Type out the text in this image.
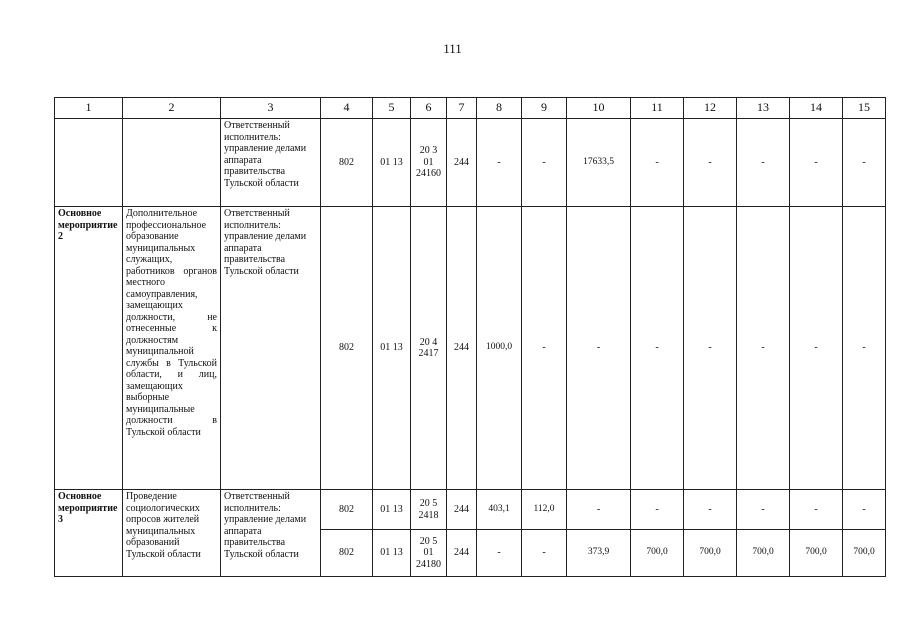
111
1	2	3	4	5	6	7	8	9	10	11	12	13	14	15
		Ответственный исполнитель: управление делами аппарата правительства Тульской области	802	01 13	20 3 01 24160	244	-	-	17633,5	-	-	-	-	-
Основное мероприятие 2	Дополнительное профессиональное образование муниципальных служащих, работников органов местного самоуправления, замещающих должности, не отнесенные к должностям муниципальной службы в Тульской области, и лиц, замещающих выборные муниципальные должности в Тульской области	Ответственный исполнитель: управление делами аппарата правительства Тульской области	802	01 13	20 4 2417	244	1000,0	-	-	-	-	-	-	-
Основное мероприятие 3	Проведение социологических опросов жителей муниципальных образований Тульской области	Ответственный исполнитель: управление делами аппарата правительства Тульской области	802	01 13	20 5 2418	244	403,1	112,0	-	-	-	-	-	-
			802	01 13	20 5 01 24180	244	-	-	373,9	700,0	700,0	700,0	700,0	700,0
